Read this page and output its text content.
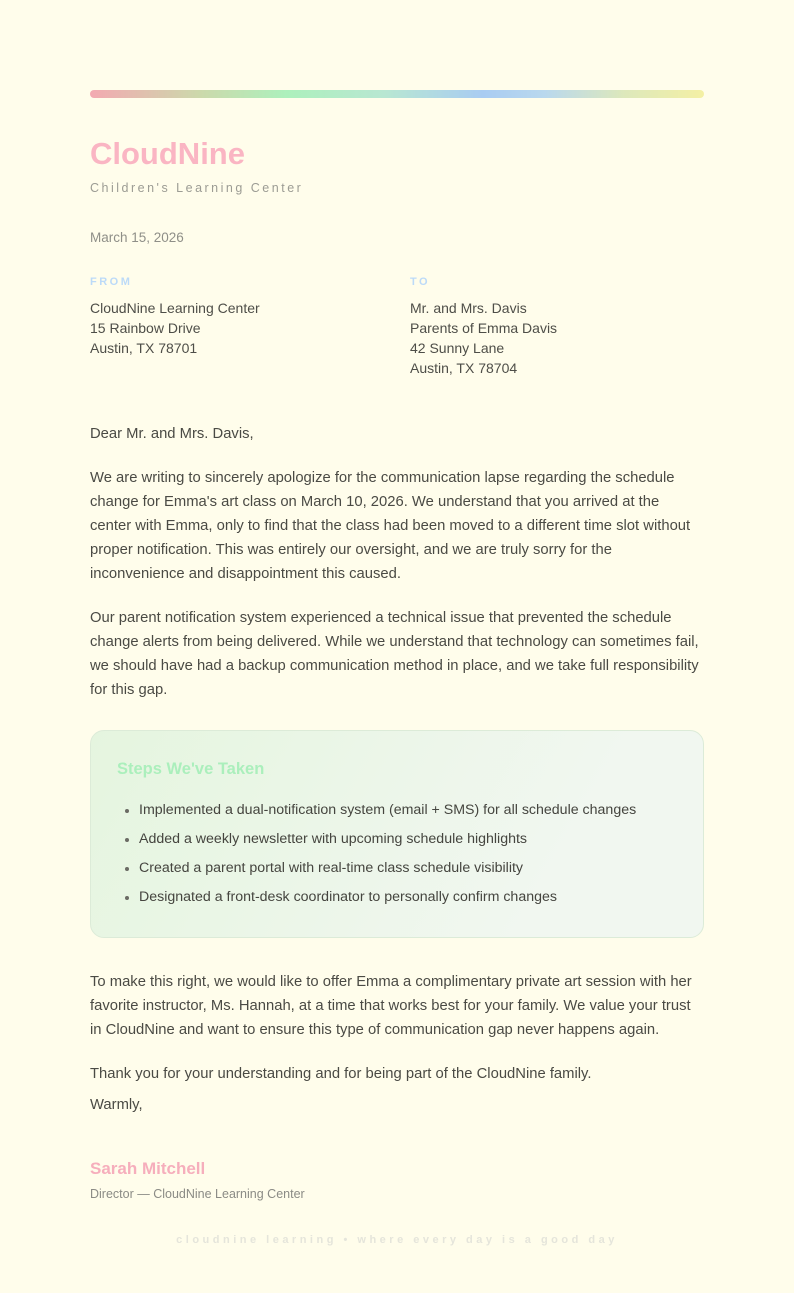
CloudNine
Children's Learning Center
March 15, 2026
FROM
CloudNine Learning Center
15 Rainbow Drive
Austin, TX 78701
TO
Mr. and Mrs. Davis
Parents of Emma Davis
42 Sunny Lane
Austin, TX 78704

Dear Mr. and Mrs. Davis,

We are writing to sincerely apologize for the communication lapse regarding the schedule change for Emma's art class on March 10, 2026. We understand that you arrived at the center with Emma, only to find that the class had been moved to a different time slot without proper notification. This was entirely our oversight, and we are truly sorry for the inconvenience and disappointment this caused.

Our parent notification system experienced a technical issue that prevented the schedule change alerts from being delivered. While we understand that technology can sometimes fail, we should have had a backup communication method in place, and we take full responsibility for this gap.

Steps We've Taken
• Implemented a dual-notification system (email + SMS) for all schedule changes
• Added a weekly newsletter with upcoming schedule highlights
• Created a parent portal with real-time class schedule visibility
• Designated a front-desk coordinator to personally confirm changes

To make this right, we would like to offer Emma a complimentary private art session with her favorite instructor, Ms. Hannah, at a time that works best for your family. We value your trust in CloudNine and want to ensure this type of communication gap never happens again.

Thank you for your understanding and for being part of the CloudNine family.

Warmly,

Sarah Mitchell
Director — CloudNine Learning Center
cloudnine learning • where every day is a good day
